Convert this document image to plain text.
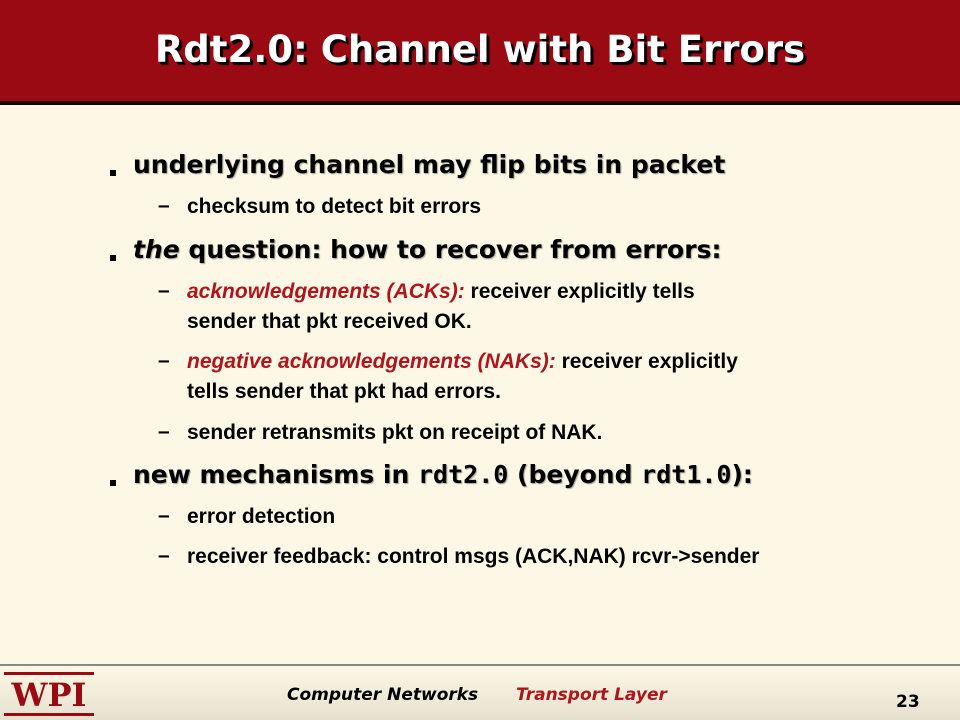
Rdt2.0: Channel with Bit Errors
underlying channel may flip bits in packet
– checksum to detect bit errors
the question: how to recover from errors:
– acknowledgements (ACKs): receiver explicitly tells
sender that pkt received OK.
– negative acknowledgements (NAKs): receiver explicitly
tells sender that pkt had errors.
– sender retransmits pkt on receipt of NAK.
new mechanisms in rdt2.0 (beyond rdt1.0):
– error detection
– receiver feedback: control msgs (ACK,NAK) rcvr->sender
WPI	Computer Networks Transport Layer	23
